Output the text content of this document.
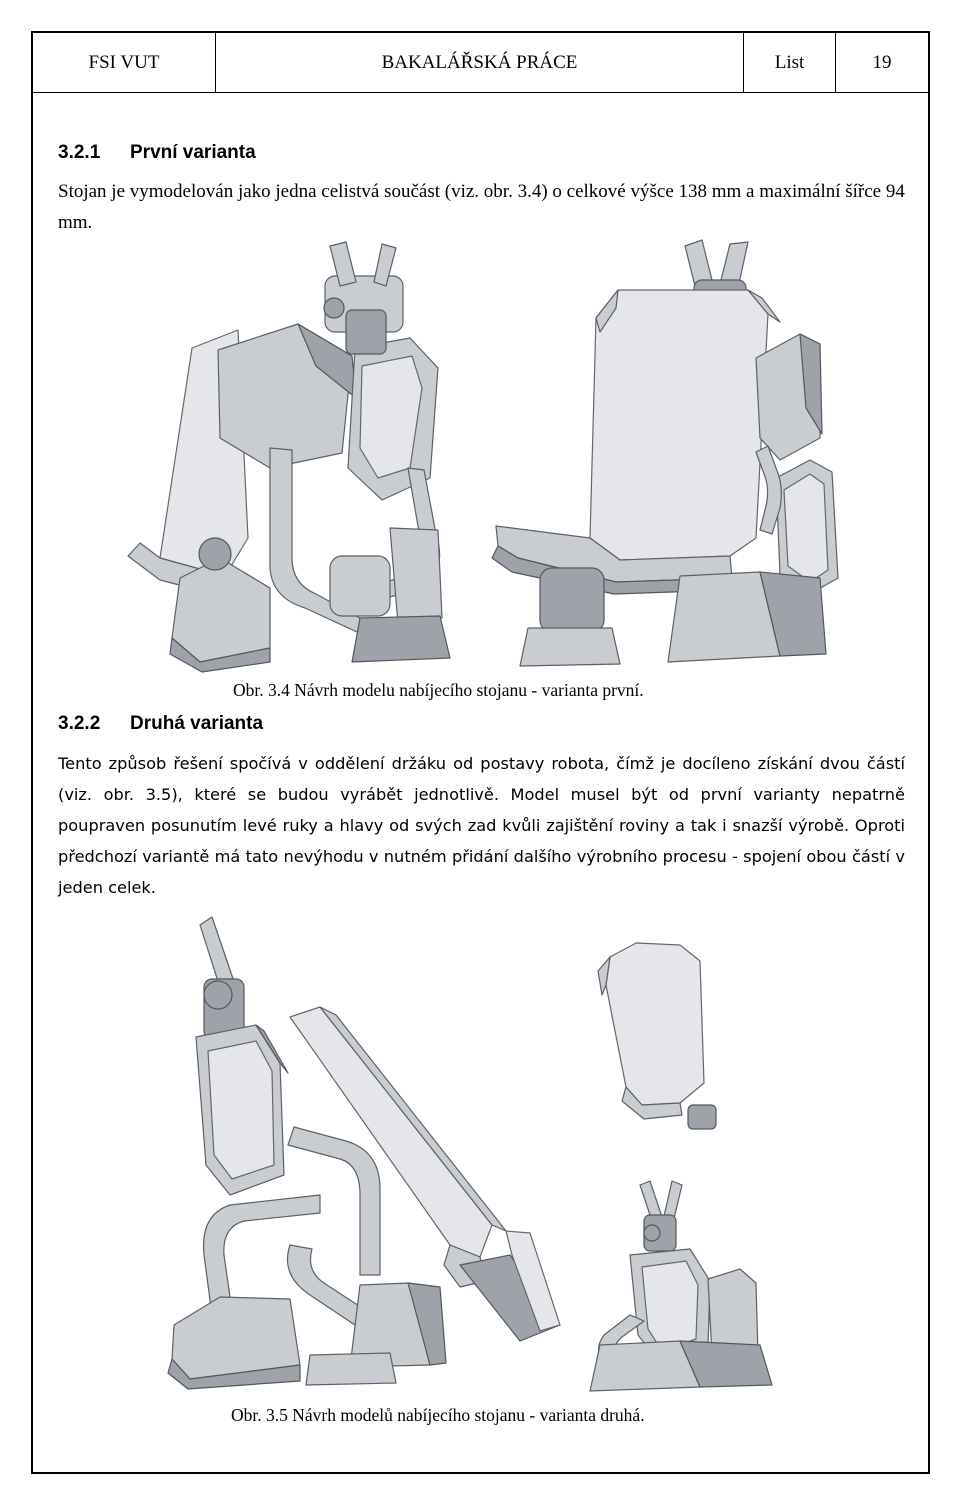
FSI VUT	BAKALÁŘSKÁ PRÁCE	List	19
3.2.1 První varianta
Stojan je vymodelován jako jedna celistvá součást (viz. obr. 3.4) o celkové výšce 138 mm a maximální šířce 94 mm.
Obr. 3.4 Návrh modelu nabíjecího stojanu - varianta první.
3.2.2 Druhá varianta
Tento způsob řešení spočívá v oddělení držáku od postavy robota, čímž je docíleno získání dvou částí (viz. obr. 3.5), které se budou vyrábět jednotlivě. Model musel být od první varianty nepatrně poupraven posunutím levé ruky a hlavy od svých zad kvůli zajištění roviny a tak i snazší výrobě. Oproti předchozí variantě má tato nevýhodu v nutném přidání dalšího výrobního procesu - spojení obou částí v jeden celek.
Obr. 3.5 Návrh modelů nabíjecího stojanu - varianta druhá.
